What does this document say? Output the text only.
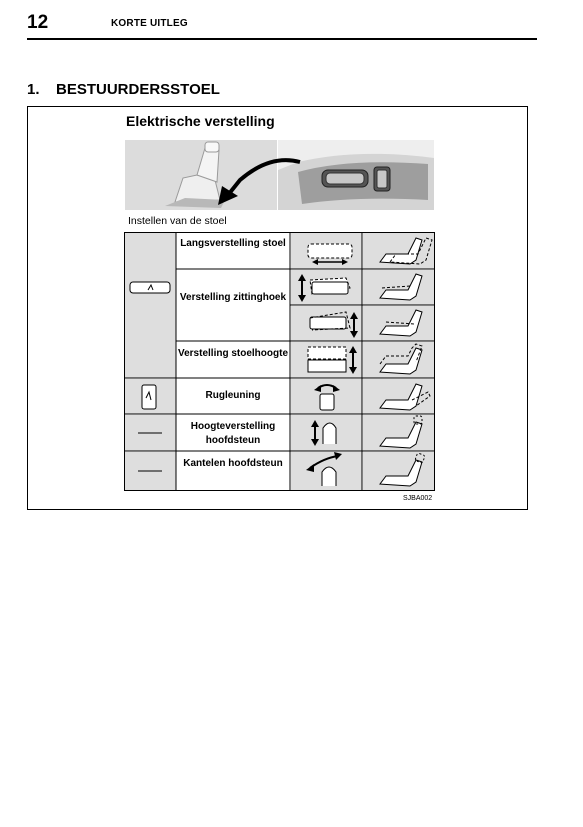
12	KORTE UITLEG
1. BESTUURDERSSTOEL
Elektrische verstelling
Instellen van de stoel
Langsverstelling stoel
Verstelling zittinghoek
Verstelling stoelhoogte
Rugleuning
Hoogteverstelling hoofdsteun
Kantelen hoofdsteun
SJBA002
